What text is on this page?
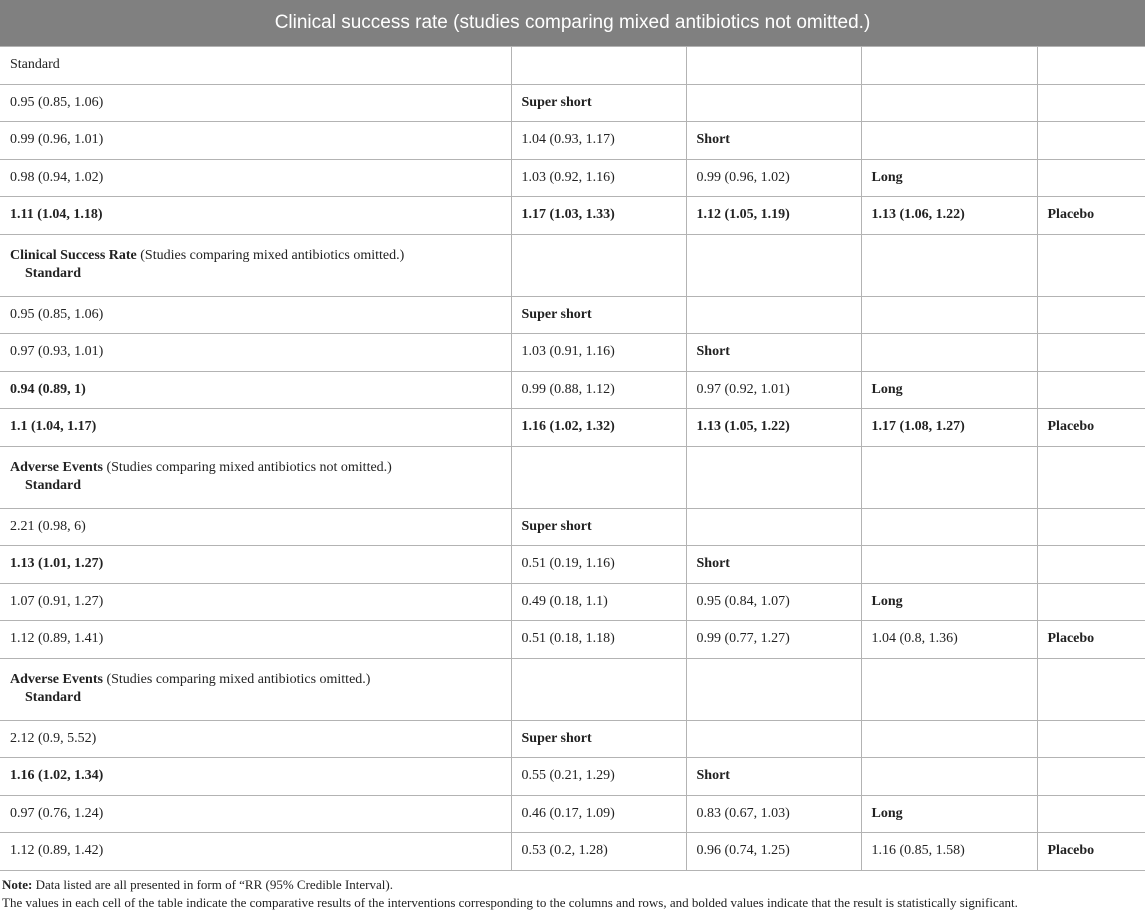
Clinical success rate (studies comparing mixed antibiotics not omitted.)
Standard				
0.95 (0.85, 1.06)	Super short			
0.99 (0.96, 1.01)	1.04 (0.93, 1.17)	Short		
0.98 (0.94, 1.02)	1.03 (0.92, 1.16)	0.99 (0.96, 1.02)	Long	
1.11 (1.04, 1.18)	1.17 (1.03, 1.33)	1.12 (1.05, 1.19)	1.13 (1.06, 1.22)	Placebo
Clinical Success Rate (Studies comparing mixed antibiotics omitted.)
Standard				

0.95 (0.85, 1.06)	Super short			
0.97 (0.93, 1.01)	1.03 (0.91, 1.16)	Short		
0.94 (0.89, 1)	0.99 (0.88, 1.12)	0.97 (0.92, 1.01)	Long	
1.1 (1.04, 1.17)	1.16 (1.02, 1.32)	1.13 (1.05, 1.22)	1.17 (1.08, 1.27)	Placebo
Adverse Events (Studies comparing mixed antibiotics not omitted.)
Standard				

2.21 (0.98, 6)	Super short			
1.13 (1.01, 1.27)	0.51 (0.19, 1.16)	Short		
1.07 (0.91, 1.27)	0.49 (0.18, 1.1)	0.95 (0.84, 1.07)	Long	
1.12 (0.89, 1.41)	0.51 (0.18, 1.18)	0.99 (0.77, 1.27)	1.04 (0.8, 1.36)	Placebo
Adverse Events (Studies comparing mixed antibiotics omitted.)
Standard				

2.12 (0.9, 5.52)	Super short			
1.16 (1.02, 1.34)	0.55 (0.21, 1.29)	Short		
0.97 (0.76, 1.24)	0.46 (0.17, 1.09)	0.83 (0.67, 1.03)	Long	
1.12 (0.89, 1.42)	0.53 (0.2, 1.28)	0.96 (0.74, 1.25)	1.16 (0.85, 1.58)	Placebo
Note: Data listed are all presented in form of “RR (95% Credible Interval).
The values in each cell of the table indicate the comparative results of the interventions corresponding to the columns and rows, and bolded values indicate that the result is statistically significant.
